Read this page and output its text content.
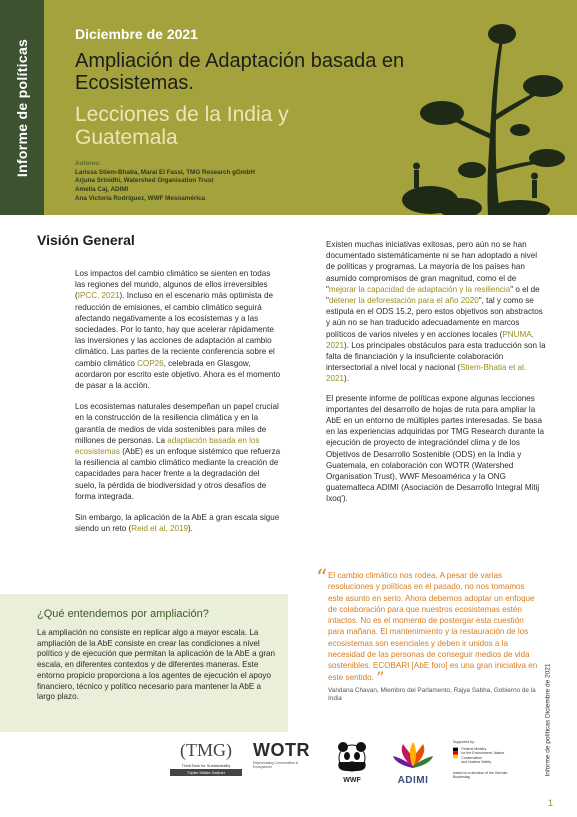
Informe de políticas
Diciembre de 2021
Ampliación de Adaptación basada en Ecosistemas.
Lecciones de la India y Guatemala
Autores:
Larissa Stiem-Bhatia, Marai El Fassi, TMG Research gGmbH
Arjuna Srinidhi, Watershed Organisation Trust
Amelia Caj, ADIMI
Ana Victoria Rodríguez, WWF Mesoamérica
Visión General

Los impactos del cambio climático se sienten en todas las regiones del mundo, algunos de ellos irreversibles (IPCC, 2021). Incluso en el escenario más optimista de reducción de emisiones, el cambio climático seguirá afectando negativamente a los ecosistemas y a las sociedades. Por lo tanto, hay que acelerar rápidamente las inversiones y las acciones de adaptación al cambio climático. Las partes de la reciente conferencia sobre el cambio climático COP26, celebrada en Glasgow, acordaron por escrito este objetivo. Ahora es el momento de pasar a la acción.

Los ecosistemas naturales desempeñan un papel crucial en la construcción de la resiliencia climática y en la garantía de medios de vida sostenibles para miles de millones de personas. La adaptación basada en los ecosistemas (AbE) es un enfoque sistémico que refuerza la resiliencia al cambio climático mediante la creación de capacidades para hacer frente a la degradación del suelo, la pérdida de biodiversidad y otros desafíos de forma integrada.

Sin embargo, la aplicación de la AbE a gran escala sigue siendo un reto (Reid et al, 2019).

¿Qué entendemos por ampliación?
La ampliación no consiste en replicar algo a mayor escala. La ampliación de la AbE consiste en crear las condiciones a nivel político y de ejecución que permitan la aplicación de la AbE a gran escala, en diferentes contextos y de diferentes maneras. Este entorno propicio proporciona a los agentes de ejecución el apoyo financiero, técnico y político necesario para mantener la AbE a largo plazo.

Existen muchas iniciativas exitosas, pero aún no se han documentado sistemáticamente ni se han adoptado a nivel de políticas y programas. La mayoría de los países han asumido compromisos de gran magnitud, como el de "mejorar la capacidad de adaptación y la resiliencia" o el de "detener la deforestación para el año 2020", tal y como se estipula en el ODS 15.2, pero estos objetivos son abstractos y aún no se han traducido adecuadamente en marcos políticos de varios niveles y en acciones locales (PNUMA, 2021). Los principales obstáculos para esta traducción son la falta de financiación y la insuficiente colaboración intersectorial a nivel local y nacional (Stiem-Bhatia et al. 2021).

El presente informe de políticas expone algunas lecciones importantes del desarrollo de hojas de ruta para ampliar la AbE en un entorno de múltiples partes interesadas. Se basa en las experiencias adquiridas por TMG Research durante la ejecución de proyecto de integracióndel clima y de los Objetivos de Desarrollo Sostenible (ODS) en la India y Guatemala, en colaboración con WOTR (Watershed Organisation Trust), WWF Mesoamérica y la ONG guatemalteca ADIMI (Asociación de Desarrollo Integral Mitij Ixoq').

“ El cambio climático nos rodea. A pesar de varias resoluciones y políticas en el pasado, no nos tomamos este asunto en serio. Ahora debemos adoptar un enfoque de colaboración para que nuestros ecosistemas estén intactos. No es el momento de postergar esta cuestión para mañana. El mantenimiento y la restauración de los ecosistemas son esenciales y deben ir unidos a la necesidad de las personas de conseguir medios de vida sostenibles. ECOBARI [AbE foro] es una gran iniciativa en este sentido. ”
Vandana Chavan, Miembro del Parlamento, Rajya Sabha, Gobierno de la India	Informe de políticas Diciembre de 2021
1
(TMG)
ThinkTank for Sustainability
Töpfer Müller Gaßner
WOTR
Rejuvenating Communities & Ecosystems
WWF	ADIMI
Supported by:
Federal Ministry
for the Environment, Nature Conservation
and Nuclear Safety
based on a decision of the German Bundestag
